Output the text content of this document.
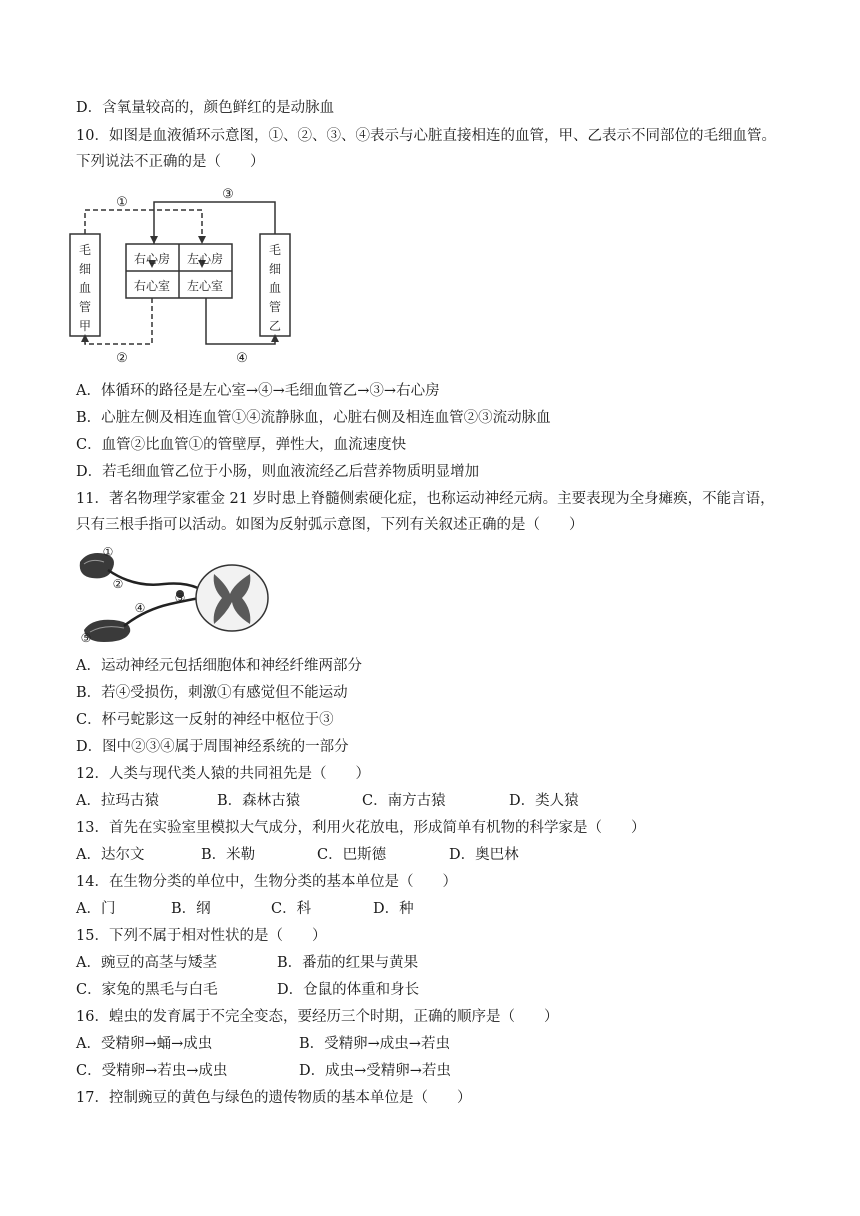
D．含氧量较高的，颜色鲜红的是动脉血
10．如图是血液循环示意图，①、②、③、④表示与心脏直接相连的血管，甲、乙表示不同部位的毛细血管。
下列说法不正确的是（　　）
①
③
②	④
右心房 左心房
右心室 左心室
毛
细
血
管
甲
毛
细
血
管
乙
A．体循环的路径是左心室→④→毛细血管乙→③→右心房
B．心脏左侧及相连血管①④流静脉血，心脏右侧及相连血管②③流动脉血
C．血管②比血管①的管壁厚，弹性大，血流速度快
D．若毛细血管乙位于小肠，则血液流经乙后营养物质明显增加
11．著名物理学家霍金 21 岁时患上脊髓侧索硬化症，也称运动神经元病。主要表现为全身瘫痪，不能言语，
只有三根手指可以活动。如图为反射弧示意图，下列有关叙述正确的是（　　）
①
②
③
④
⑤
A．运动神经元包括细胞体和神经纤维两部分
B．若④受损伤，刺激①有感觉但不能运动
C．杯弓蛇影这一反射的神经中枢位于③
D．图中②③④属于周围神经系统的一部分
12．人类与现代类人猿的共同祖先是（　　）
A．拉玛古猿	B．森林古猿	C．南方古猿	D．类人猿
13．首先在实验室里模拟大气成分，利用火花放电，形成简单有机物的科学家是（　　）
A．达尔文	B．米勒	C．巴斯德	D．奥巴林
14．在生物分类的单位中，生物分类的基本单位是（　　）
A．门	B．纲	C．科	D．种
15．下列不属于相对性状的是（　　）
A．豌豆的高茎与矮茎	B．番茄的红果与黄果
C．家兔的黑毛与白毛	D．仓鼠的体重和身长
16．蝗虫的发育属于不完全变态，要经历三个时期，正确的顺序是（　　）
A．受精卵→蛹→成虫	B．受精卵→成虫→若虫
C．受精卵→若虫→成虫	D．成虫→受精卵→若虫
17．控制豌豆的黄色与绿色的遗传物质的基本单位是（　　）
